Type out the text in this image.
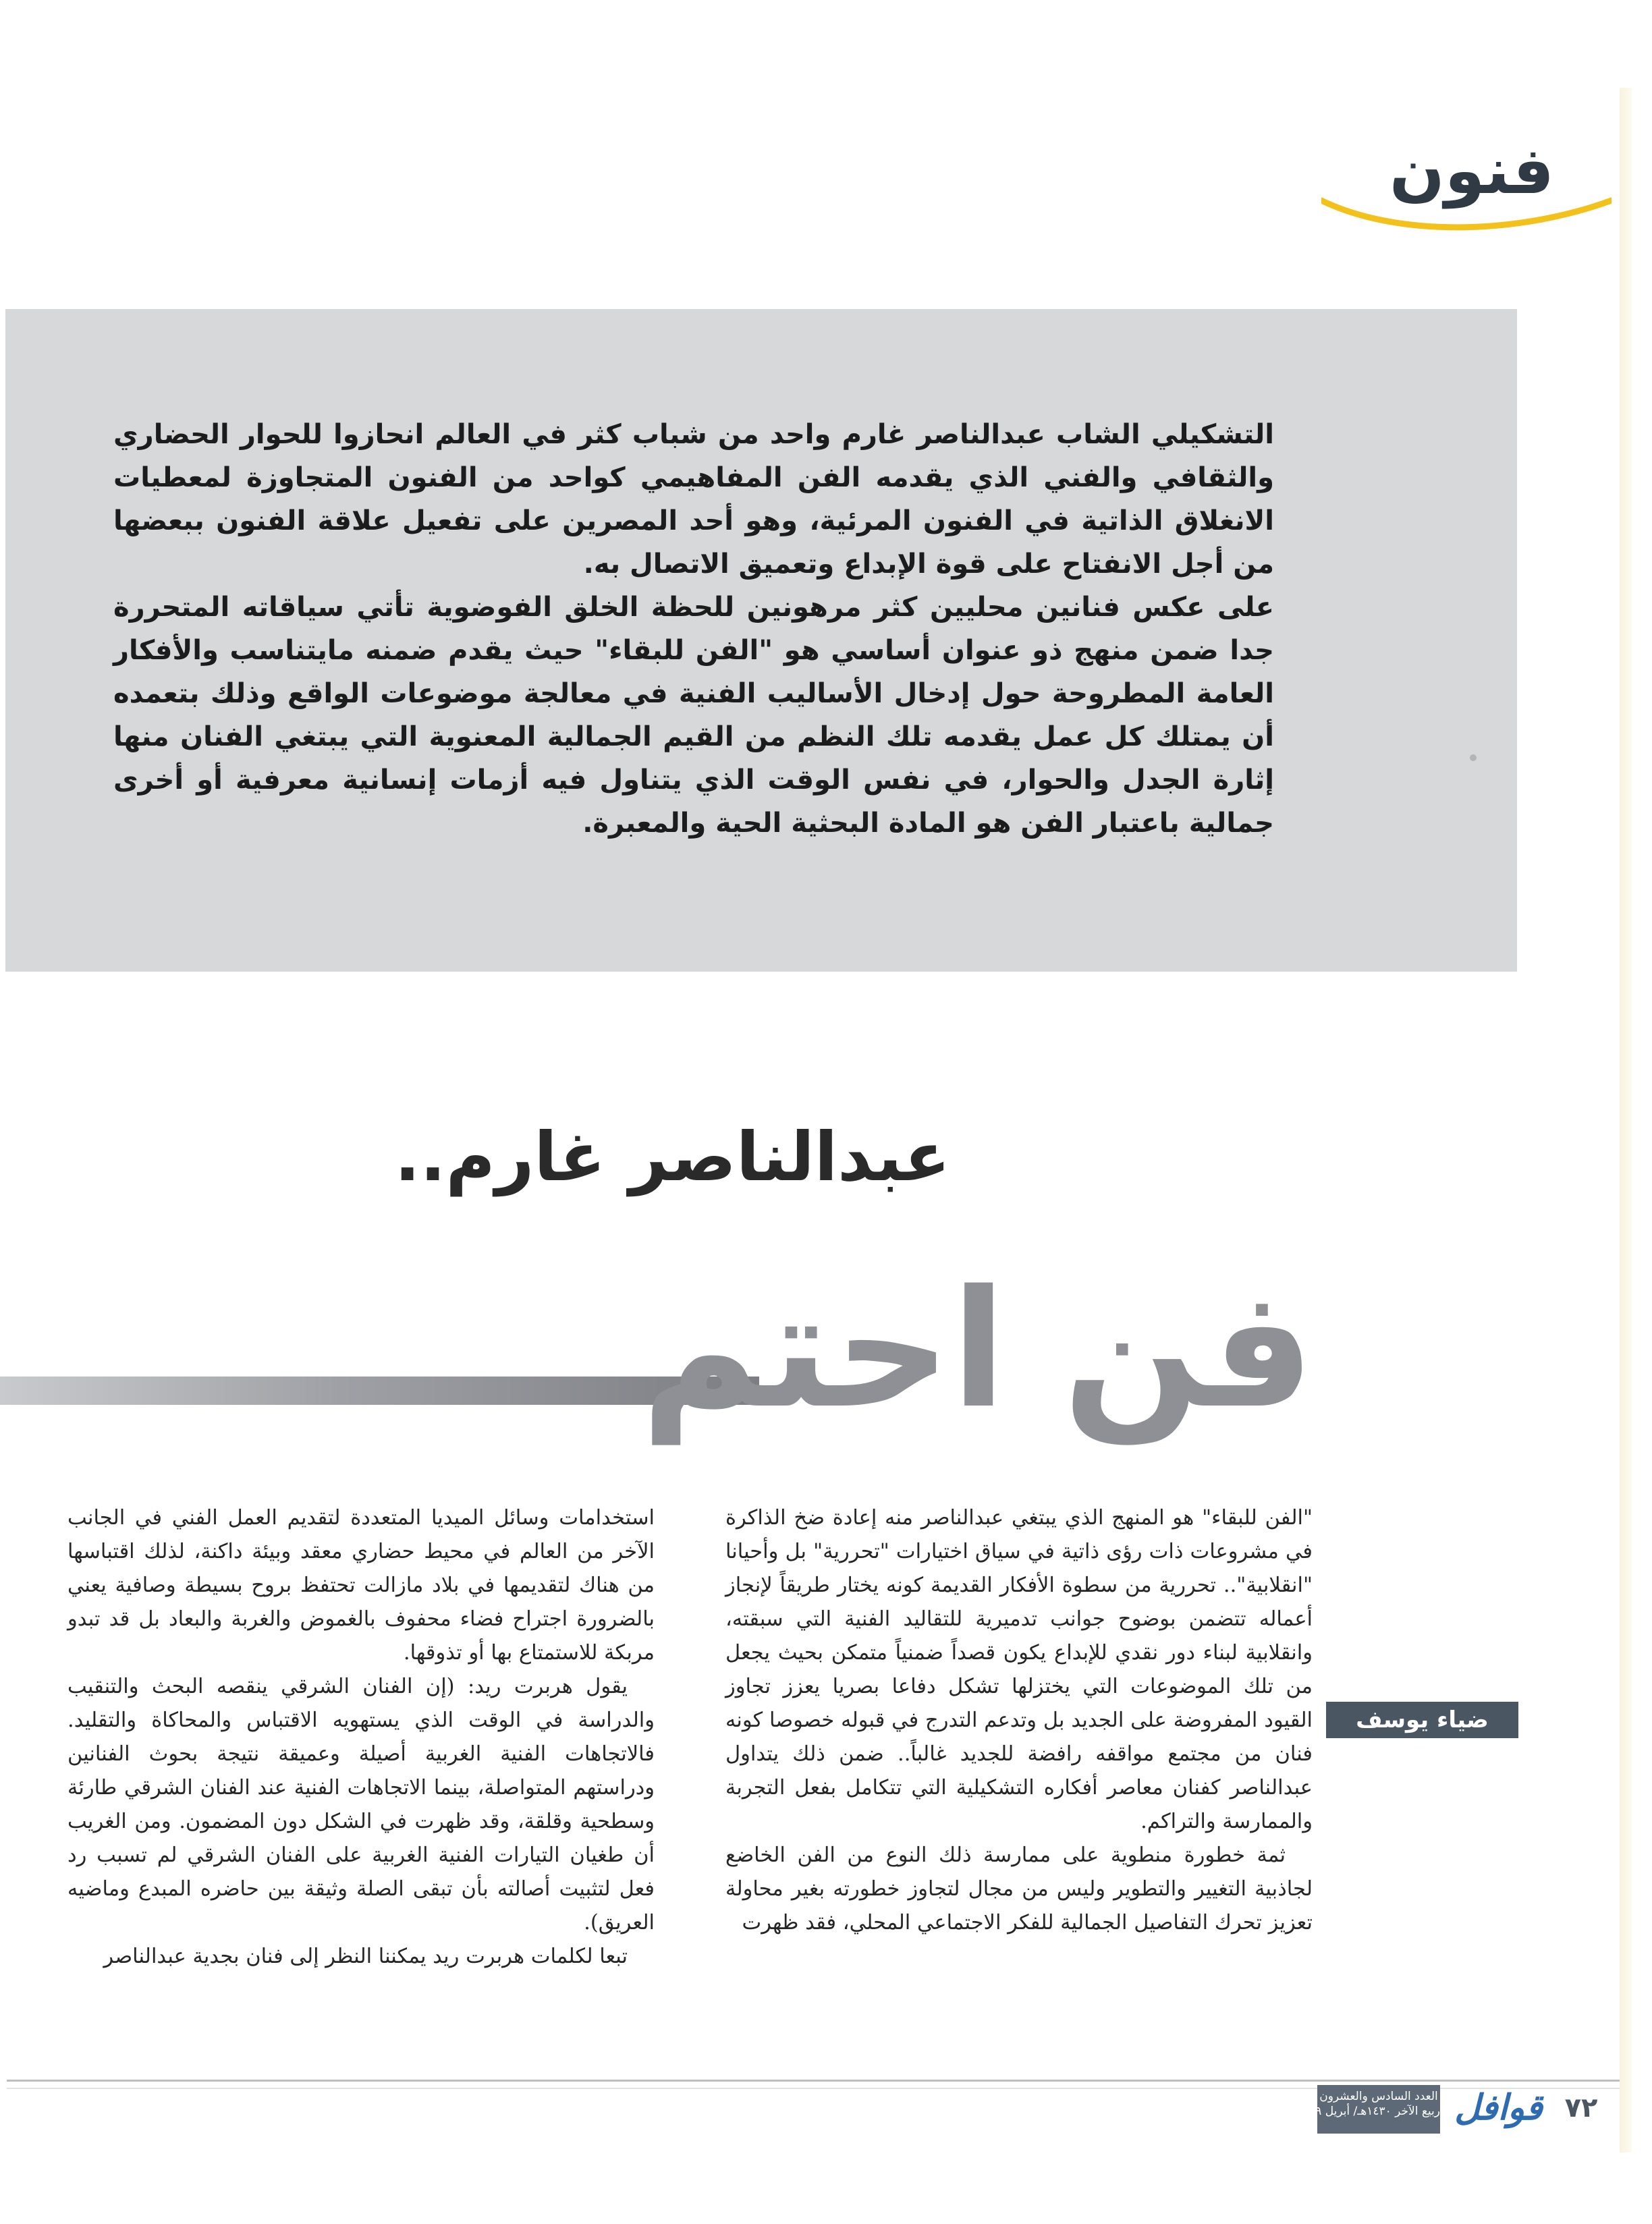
فنون

التشكيلي الشاب عبدالناصر غارم واحد من شباب كثر في العالم انحازوا للحوار الحضاري والثقافي والفني الذي يقدمه الفن المفاهيمي كواحد من الفنون المتجاوزة لمعطيات الانغلاق الذاتية في الفنون المرئية، وهو أحد المصرين على تفعيل علاقة الفنون ببعضها من أجل الانفتاح على قوة الإبداع وتعميق الاتصال به.

على عكس فنانين محليين كثر مرهونين للحظة الخلق الفوضوية تأتي سياقاته المتحررة جدا ضمن منهج ذو عنوان أساسي هو "الفن للبقاء" حيث يقدم ضمنه مايتناسب والأفكار العامة المطروحة حول إدخال الأساليب الفنية في معالجة موضوعات الواقع وذلك بتعمده أن يمتلك كل عمل يقدمه تلك النظم من القيم الجمالية المعنوية التي يبتغي الفنان منها إثارة الجدل والحوار، في نفس الوقت الذي يتناول فيه أزمات إنسانية معرفية أو أخرى جمالية باعتبار الفن هو المادة البحثية الحية والمعبرة.

عبدالناصر غارم..
فن احتم
ضياء يوسف

"الفن للبقاء" هو المنهج الذي يبتغي عبدالناصر منه إعادة ضخ الذاكرة في مشروعات ذات رؤى ذاتية في سياق اختيارات "تحررية" بل وأحيانا "انقلابية".. تحررية من سطوة الأفكار القديمة كونه يختار طريقاً لإنجاز أعماله تتضمن بوضوح جوانب تدميرية للتقاليد الفنية التي سبقته، وانقلابية لبناء دور نقدي للإبداع يكون قصداً ضمنياً متمكن بحيث يجعل من تلك الموضوعات التي يختزلها تشكل دفاعا بصريا يعزز تجاوز القيود المفروضة على الجديد بل وتدعم التدرج في قبوله خصوصا كونه فنان من مجتمع مواقفه رافضة للجديد غالباً.. ضمن ذلك يتداول عبدالناصر كفنان معاصر أفكاره التشكيلية التي تتكامل بفعل التجربة والممارسة والتراكم.

ثمة خطورة منطوية على ممارسة ذلك النوع من الفن الخاضع لجاذبية التغيير والتطوير وليس من مجال لتجاوز خطورته بغير محاولة تعزيز تحرك التفاصيل الجمالية للفكر الاجتماعي المحلي، فقد ظهرت

استخدامات وسائل الميديا المتعددة لتقديم العمل الفني في الجانب الآخر من العالم في محيط حضاري معقد وبيئة داكنة، لذلك اقتباسها من هناك لتقديمها في بلاد مازالت تحتفظ بروح بسيطة وصافية يعني بالضرورة اجتراح فضاء محفوف بالغموض والغربة والبعاد بل قد تبدو مربكة للاستمتاع بها أو تذوقها.

يقول هربرت ريد: (إن الفنان الشرقي ينقصه البحث والتنقيب والدراسة في الوقت الذي يستهويه الاقتباس والمحاكاة والتقليد. فالاتجاهات الفنية الغربية أصيلة وعميقة نتيجة بحوث الفنانين ودراستهم المتواصلة، بينما الاتجاهات الفنية عند الفنان الشرقي طارئة وسطحية وقلقة، وقد ظهرت في الشكل دون المضمون. ومن الغريب أن طغيان التيارات الفنية الغربية على الفنان الشرقي لم تسبب رد فعل لتثبيت أصالته بأن تبقى الصلة وثيقة بين حاضره المبدع وماضيه العريق).

تبعا لكلمات هربرت ريد يمكننا النظر إلى فنان بجدية عبدالناصر

٧٢
قوافل
العدد السادس والعشرون
ربيع الآخر ١٤٣٠هـ/ أبريل ٢٠٠٩م
